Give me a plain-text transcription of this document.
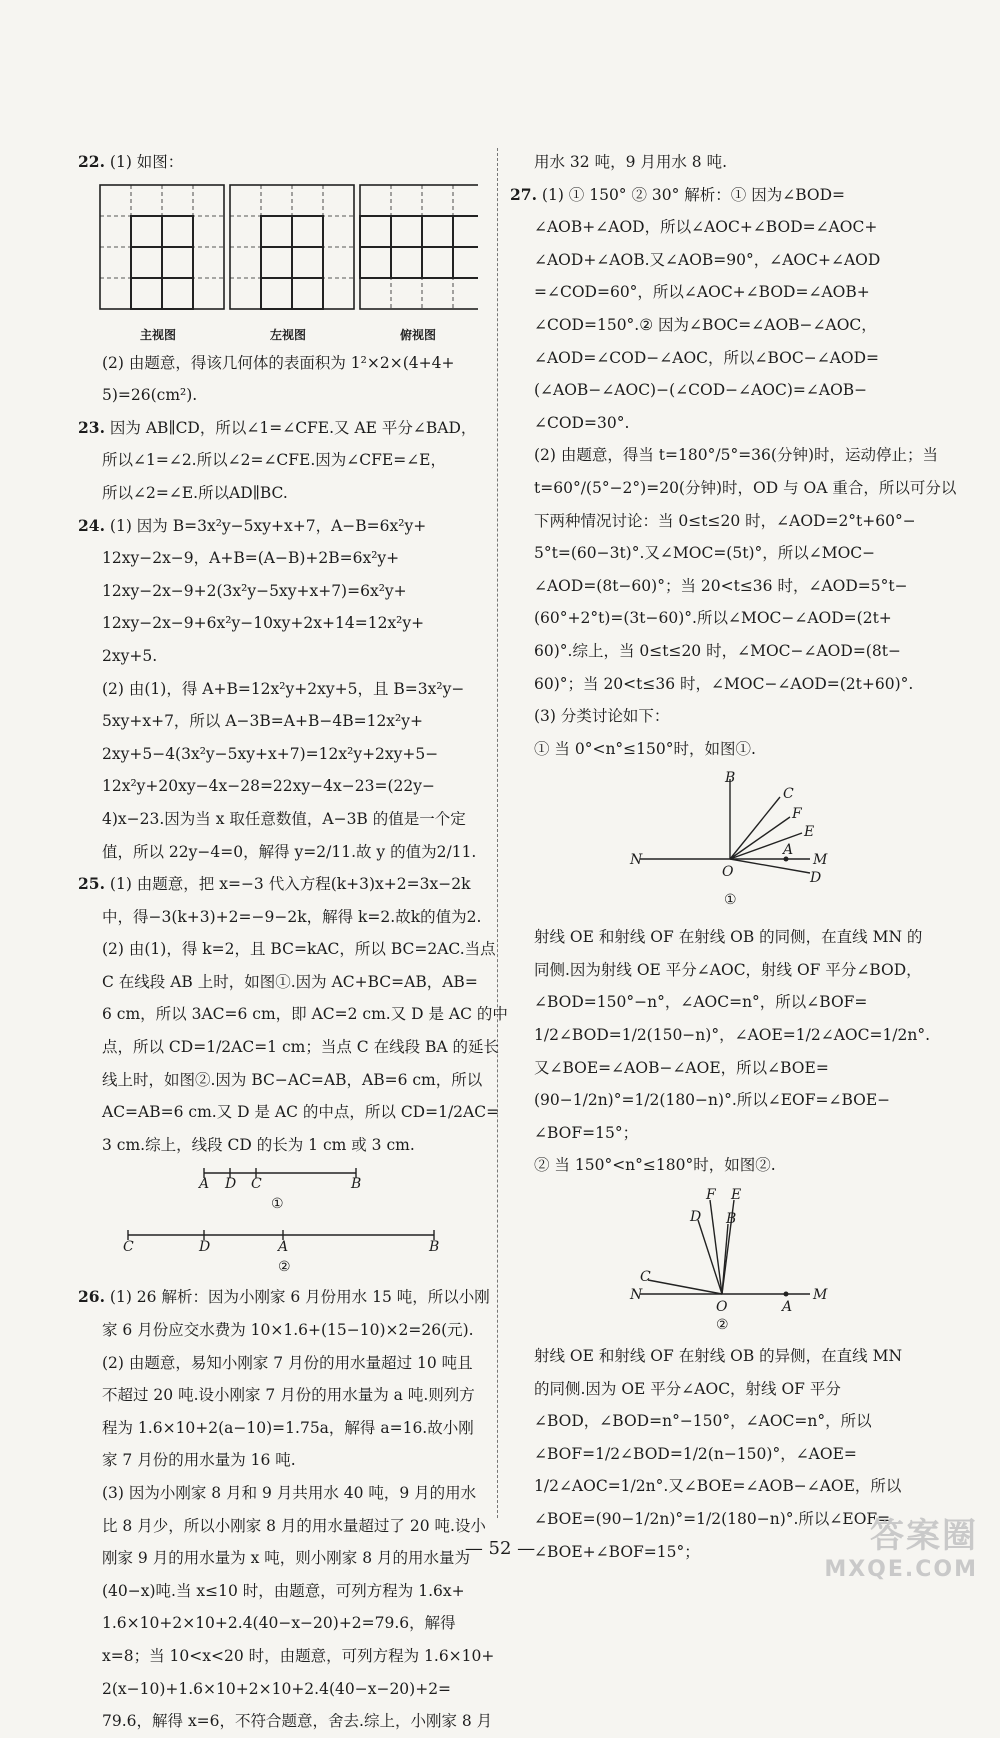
22. (1) 如图：

主视图	左视图	俯视图

(2) 由题意，得该几何体的表面积为 1²×2×(4+4+

5)=26(cm²).

23. 因为 AB∥CD，所以∠1=∠CFE.又 AE 平分∠BAD，

所以∠1=∠2.所以∠2=∠CFE.因为∠CFE=∠E，

所以∠2=∠E.所以AD∥BC.

24. (1) 因为 B=3x²y−5xy+x+7，A−B=6x²y+

12xy−2x−9，A+B=(A−B)+2B=6x²y+

12xy−2x−9+2(3x²y−5xy+x+7)=6x²y+

12xy−2x−9+6x²y−10xy+2x+14=12x²y+

2xy+5.

(2) 由(1)，得 A+B=12x²y+2xy+5，且 B=3x²y−

5xy+x+7，所以 A−3B=A+B−4B=12x²y+

2xy+5−4(3x²y−5xy+x+7)=12x²y+2xy+5−

12x²y+20xy−4x−28=22xy−4x−23=(22y−

4)x−23.因为当 x 取任意数值，A−3B 的值是一个定

值，所以 22y−4=0，解得 y=2/11.故 y 的值为2/11.

25. (1) 由题意，把 x=−3 代入方程(k+3)x+2=3x−2k

中，得−3(k+3)+2=−9−2k，解得 k=2.故k的值为2.

(2) 由(1)，得 k=2，且 BC=kAC，所以 BC=2AC.当点

C 在线段 AB 上时，如图①.因为 AC+BC=AB，AB=

6 cm，所以 3AC=6 cm，即 AC=2 cm.又 D 是 AC 的中

点，所以 CD=1/2AC=1 cm；当点 C 在线段 BA 的延长

线上时，如图②.因为 BC−AC=AB，AB=6 cm，所以

AC=AB=6 cm.又 D 是 AC 的中点，所以 CD=1/2AC=

3 cm.综上，线段 CD 的长为 1 cm 或 3 cm.

A D C	B
①
C	D	A	B
②

26. (1) 26 解析：因为小刚家 6 月份用水 15 吨，所以小刚

家 6 月份应交水费为 10×1.6+(15−10)×2=26(元).

(2) 由题意，易知小刚家 7 月份的用水量超过 10 吨且

不超过 20 吨.设小刚家 7 月份的用水量为 a 吨.则列方

程为 1.6×10+2(a−10)=1.75a，解得 a=16.故小刚

家 7 月份的用水量为 16 吨.

(3) 因为小刚家 8 月和 9 月共用水 40 吨，9 月的用水

比 8 月少，所以小刚家 8 月的用水量超过了 20 吨.设小

刚家 9 月的用水量为 x 吨，则小刚家 8 月的用水量为

(40−x)吨.当 x≤10 时，由题意，可列方程为 1.6x+

1.6×10+2×10+2.4(40−x−20)+2=79.6，解得

x=8；当 10<x<20 时，由题意，可列方程为 1.6×10+

2(x−10)+1.6×10+2×10+2.4(40−x−20)+2=

79.6，解得 x=6，不符合题意，舍去.综上，小刚家 8 月

用水 32 吨，9 月用水 8 吨.

27. (1) ① 150° ② 30° 解析：① 因为∠BOD=

∠AOB+∠AOD，所以∠AOC+∠BOD=∠AOC+

∠AOD+∠AOB.又∠AOB=90°，∠AOC+∠AOD

=∠COD=60°，所以∠AOC+∠BOD=∠AOB+

∠COD=150°.② 因为∠BOC=∠AOB−∠AOC，

∠AOD=∠COD−∠AOC，所以∠BOC−∠AOD=

(∠AOB−∠AOC)−(∠COD−∠AOC)=∠AOB−

∠COD=30°.

(2) 由题意，得当 t=180°/5°=36(分钟)时，运动停止；当

t=60°/(5°−2°)=20(分钟)时，OD 与 OA 重合，所以可分以

下两种情况讨论：当 0≤t≤20 时，∠AOD=2°t+60°−

5°t=(60−3t)°.又∠MOC=(5t)°，所以∠MOC−

∠AOD=(8t−60)°；当 20<t≤36 时，∠AOD=5°t−

(60°+2°t)=(3t−60)°.所以∠MOC−∠AOD=(2t+

60)°.综上，当 0≤t≤20 时，∠MOC−∠AOD=(8t−

60)°；当 20<t≤36 时，∠MOC−∠AOD=(2t+60)°.

(3) 分类讨论如下：

① 当 0°<n°≤150°时，如图①.

B
C
F
E
N
O
A
M
D
①

射线 OE 和射线 OF 在射线 OB 的同侧，在直线 MN 的

同侧.因为射线 OE 平分∠AOC，射线 OF 平分∠BOD，

∠BOD=150°−n°，∠AOC=n°，所以∠BOF=

1/2∠BOD=1/2(150−n)°，∠AOE=1/2∠AOC=1/2n°.

又∠BOE=∠AOB−∠AOE，所以∠BOE=

(90−1/2n)°=1/2(180−n)°.所以∠EOF=∠BOE−

∠BOF=15°；

② 当 150°<n°≤180°时，如图②.

F E
D B
C
N
O	A
M
②

射线 OE 和射线 OF 在射线 OB 的异侧，在直线 MN

的同侧.因为 OE 平分∠AOC，射线 OF 平分

∠BOD，∠BOD=n°−150°，∠AOC=n°，所以

∠BOF=1/2∠BOD=1/2(n−150)°，∠AOE=

1/2∠AOC=1/2n°.又∠BOE=∠AOB−∠AOE，所以

∠BOE=(90−1/2n)°=1/2(180−n)°.所以∠EOF=

∠BOE+∠BOF=15°；

— 52 —	答案圈
MXQE.COM
